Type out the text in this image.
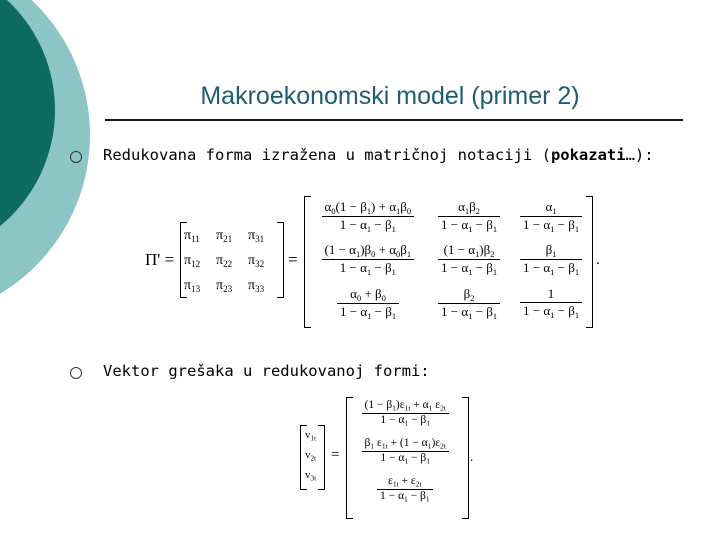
Makroekonomski model (primer 2)
Redukovana forma izražena u matričnoj notaciji (pokazati…):
Π' =
$\pi_{11}$ $\pi_{21}$ $\pi_{31}$
$\pi_{12}$ $\pi_{22}$ $\pi_{32}$
$\pi_{13}$ $\pi_{23}$ $\pi_{33}$
=
$\alpha_0(1 - \beta_1) + \alpha_1\beta_0$
$1 - \alpha_1 - \beta_1$
$\alpha_1\beta_2$
$1 - \alpha_1 - \beta_1$
$\alpha_1$
$1 - \alpha_1 - \beta_1$
$(1 - \alpha_1)\beta_0 + \alpha_0\beta_1$
$1 - \alpha_1 - \beta_1$
$(1 - \alpha_1)\beta_2$
$1 - \alpha_1 - \beta_1$
$\beta_1$
$1 - \alpha_1 - \beta_1$
$\alpha_0 + \beta_0$
$1 - \alpha_1 - \beta_1$
$\beta_2$
$1 - \alpha_1 - \beta_1$
1
$1 - \alpha_1 - \beta_1$
.
Vektor grešaka u redukovanoj formi:
$v_{1t}$
$v_{2t}$
$v_{3t}$
=
$(1 - \beta_1)\varepsilon_{1t} + \alpha_1$ $\varepsilon_{2t}$
$1 - \alpha_1 - \beta_1$
$\beta_1$ $\varepsilon_{1t} + (1 - \alpha_1)\varepsilon_{2t}$
$1 - \alpha_1 - \beta_1$
$\varepsilon_{1t} + \varepsilon_{2t}$
$1 - \alpha_1 - \beta_1$
.
